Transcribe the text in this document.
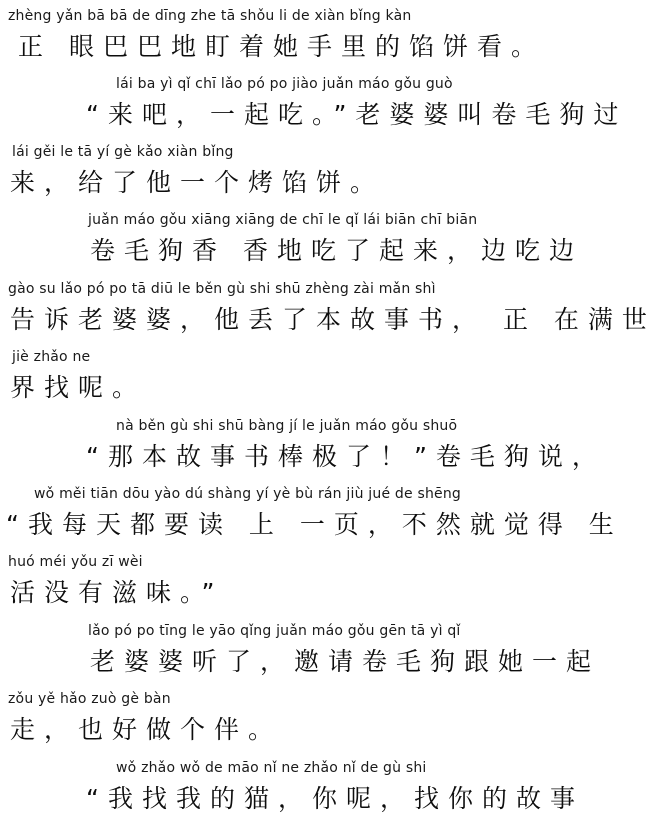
zhèng yǎn bā bā de dīng zhe tā shǒu li de xiàn bǐng kàn
正 眼巴巴地盯着她手里的馅饼看。
lái ba yì qǐ chī lǎo pó po jiào juǎn máo gǒu guò
“来吧，一起吃。”老婆婆叫卷毛狗过
lái gěi le tā yí gè kǎo xiàn bǐng
来，给了他一个烤馅饼。
juǎn máo gǒu xiāng xiāng de chī le qǐ lái biān chī biān
卷毛狗香 香地吃了起来，边吃边
gào su lǎo pó po tā diū le běn gù shi shū zhèng zài mǎn shì
告诉老婆婆，他丢了本故事书， 正 在满世
jiè zhǎo ne
界找呢。
nà běn gù shi shū bàng jí le juǎn máo gǒu shuō
“那本故事书棒极了！”卷毛狗说，
wǒ měi tiān dōu yào dú shàng yí yè bù rán jiù jué de shēng
“我每天都要读 上 一页，不然就觉得 生
huó méi yǒu zī wèi
活没有滋味。”
lǎo pó po tīng le yāo qǐng juǎn máo gǒu gēn tā yì qǐ
老婆婆听了，邀请卷毛狗跟她一起
zǒu yě hǎo zuò gè bàn
走，也好做个伴。
wǒ zhǎo wǒ de māo nǐ ne zhǎo nǐ de gù shi
“我找我的猫，你呢，找你的故事
